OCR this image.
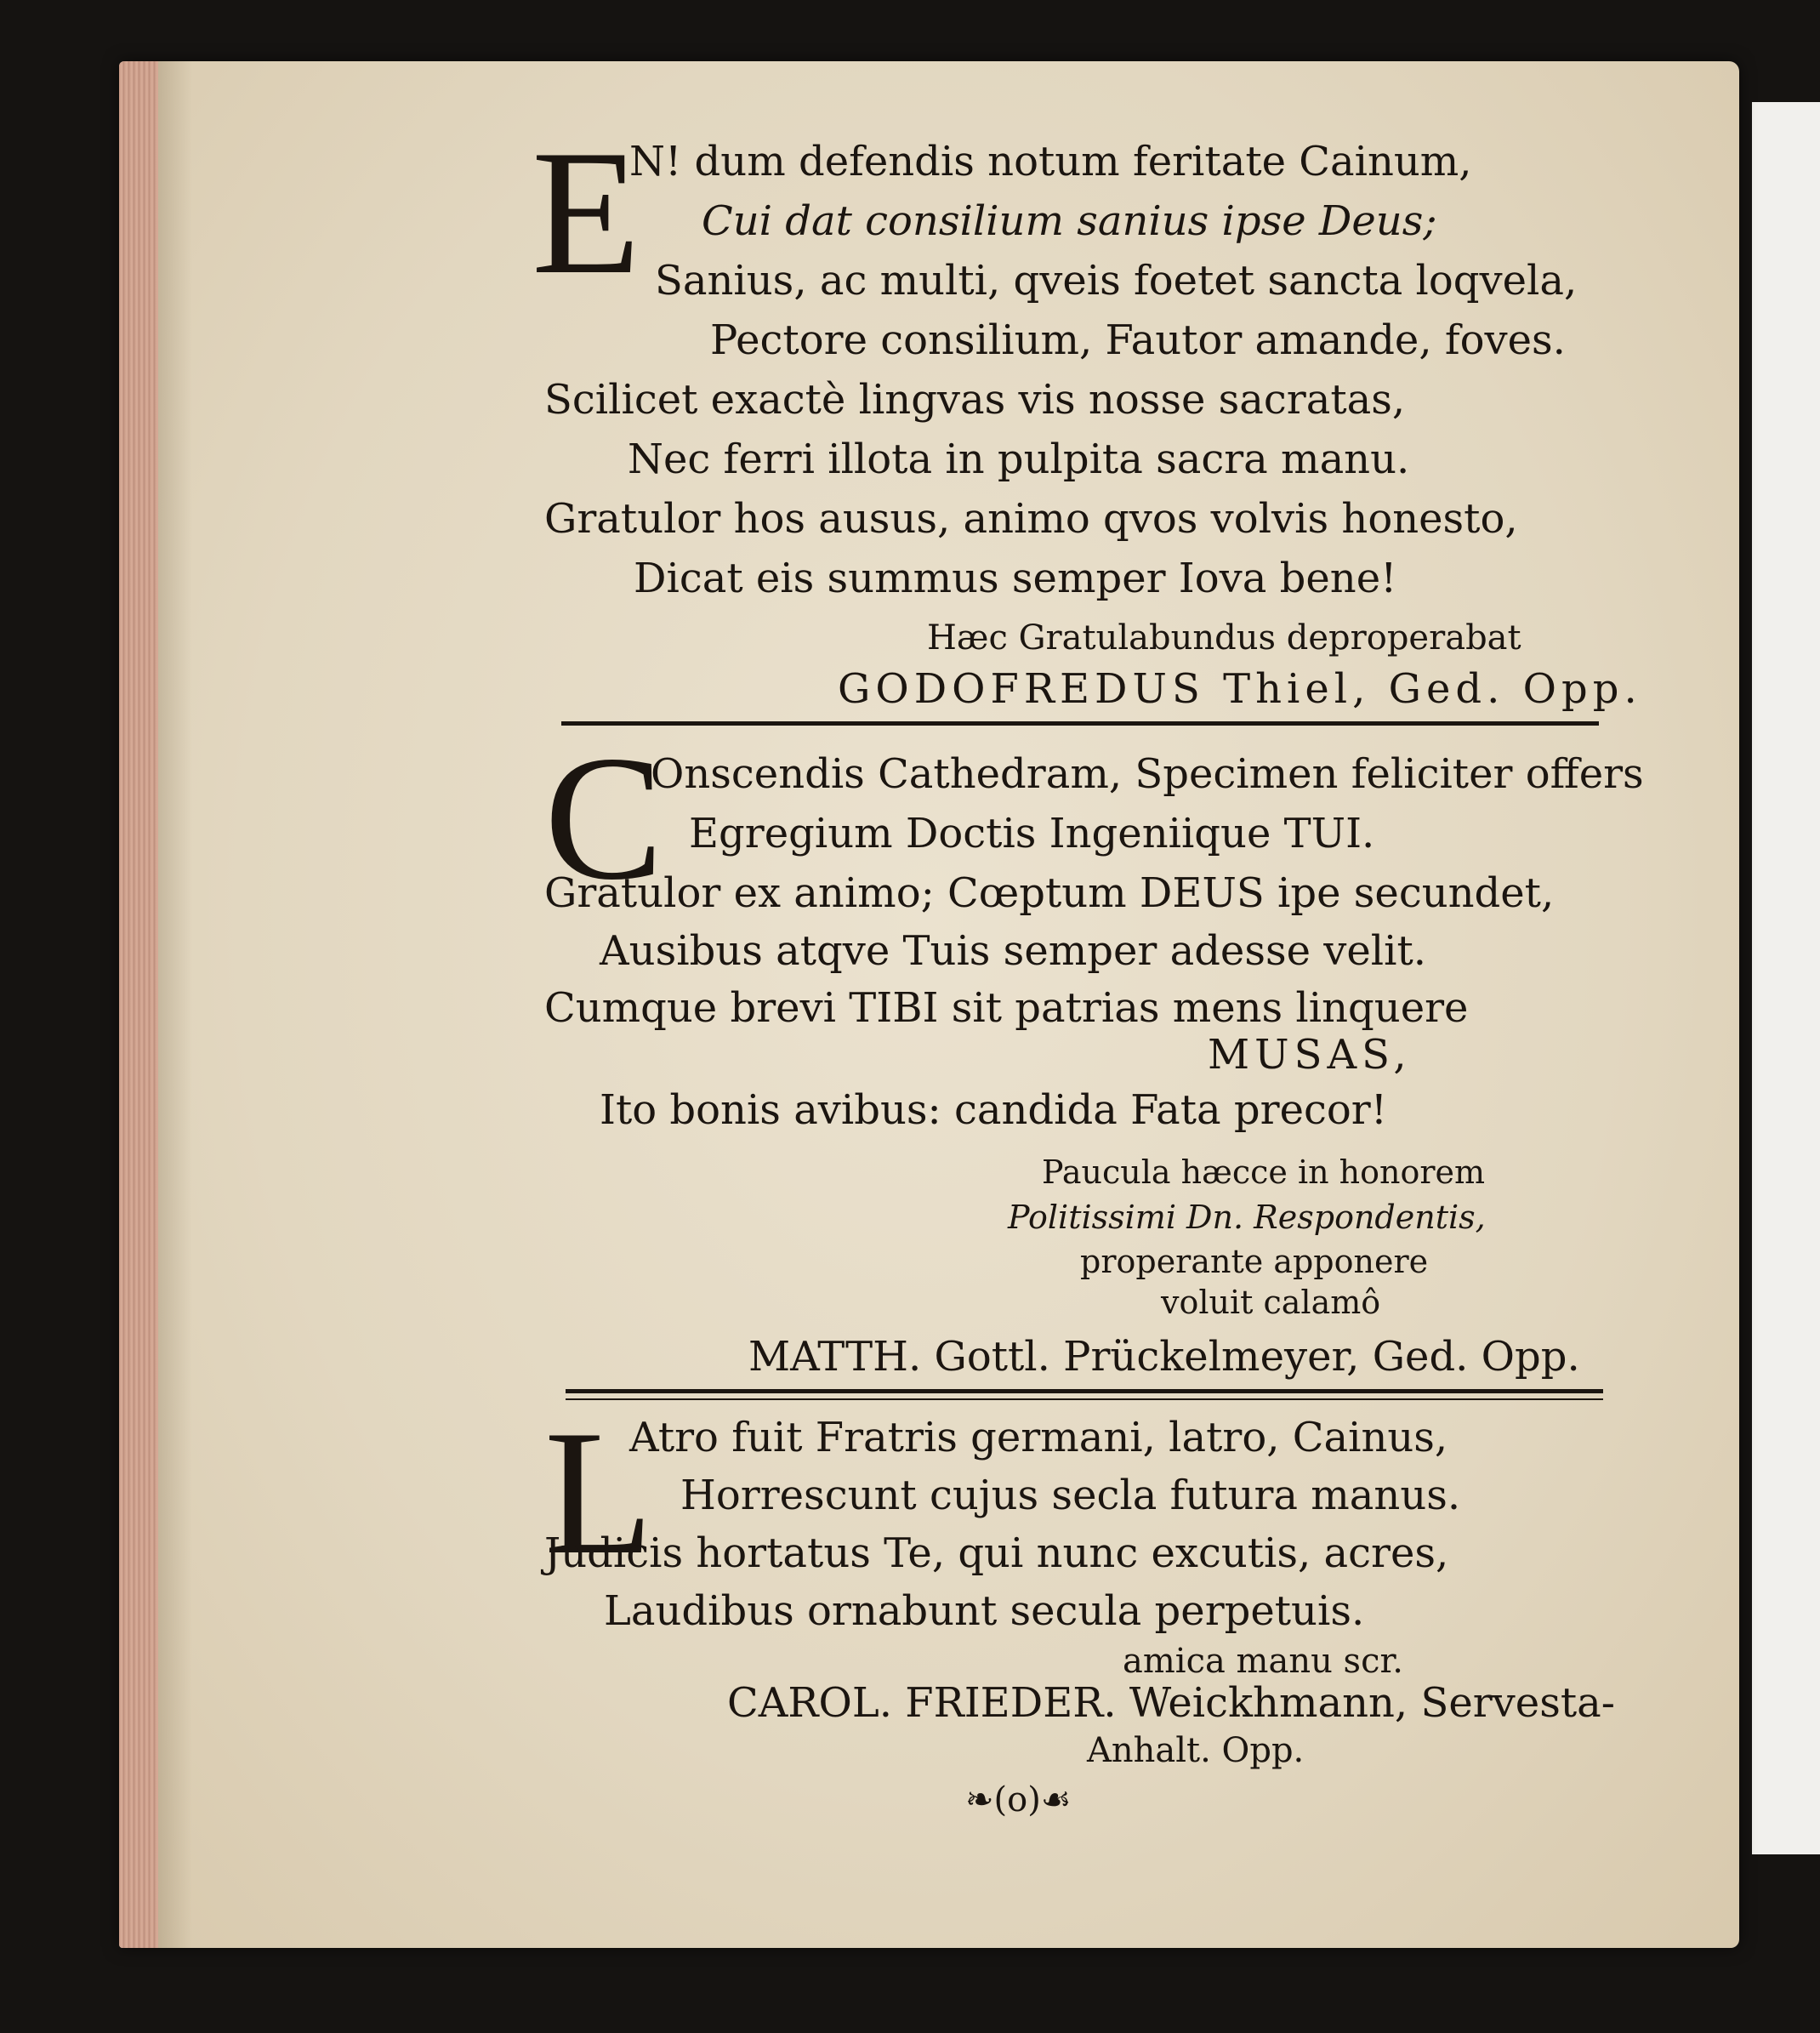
E
N! dum defendis notum feritate Cainum,
Cui dat consilium sanius ipse Deus;
Sanius, ac multi, qveis foetet sancta loqvela,
Pectore consilium, Fautor amande, foves.
Scilicet exactè lingvas vis nosse sacratas,
Nec ferri illota in pulpita sacra manu.
Gratulor hos ausus, animo qvos volvis honesto,
Dicat eis summus semper Iova bene!
Hæc Gratulabundus deproperabat
GODOFREDUS Thiel, Ged. Opp.
C
Onscendis Cathedram, Specimen feliciter offers
Egregium Doctis Ingeniique TUI.
Gratulor ex animo; Cœptum DEUS ipe secundet,
Ausibus atqve Tuis semper adesse velit.
Cumque brevi TIBI sit patrias mens linquere
MUSAS,
Ito bonis avibus: candida Fata precor!
Paucula hæcce in honorem
Politissimi Dn. Respondentis,
properante apponere
voluit calamô
MATTH. Gottl. Prückelmeyer, Ged. Opp.
L
Atro fuit Fratris germani, latro, Cainus,
Horrescunt cujus secla futura manus.
Judicis hortatus Te, qui nunc excutis, acres,
Laudibus ornabunt secula perpetuis.
amica manu scr.
CAROL. FRIEDER. Weickhmann, Servesta-
Anhalt. Opp.
❧(o)☙
